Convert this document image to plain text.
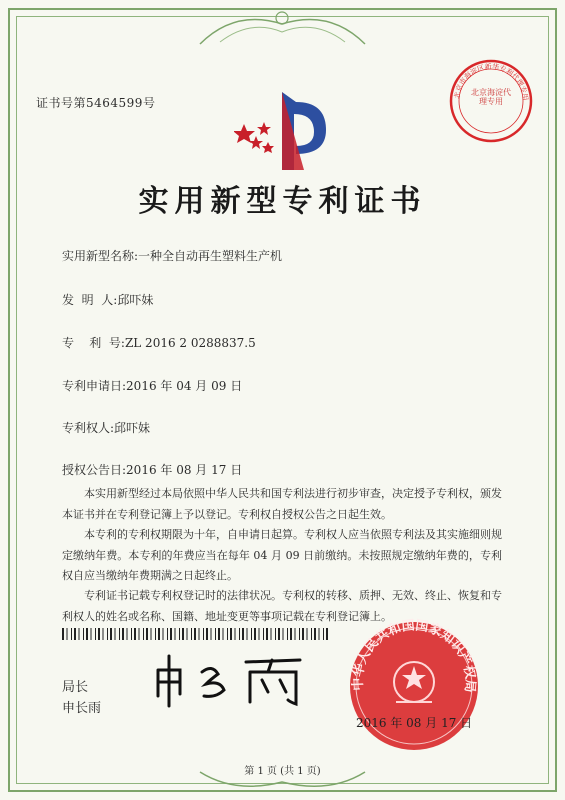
证书号第5464599号
北京市海淀区新华专利代理专用
北京海淀代理专用
实用新型专利证书
实用新型名称:一种全自动再生塑料生产机
发  明  人:邱吓妹
专    利  号:ZL 2016 2 0288837.5
专利申请日:2016 年 04 月 09 日
专利权人:邱吓妹
授权公告日:2016 年 08 月 17 日
本实用新型经过本局依照中华人民共和国专利法进行初步审查，决定授予专利权，颁发本证书并在专利登记簿上予以登记。专利权自授权公告之日起生效。
本专利的专利权期限为十年，自申请日起算。专利权人应当依照专利法及其实施细则规定缴纳年费。本专利的年费应当在每年 04 月 09 日前缴纳。未按照规定缴纳年费的，专利权自应当缴纳年费期满之日起终止。
专利证书记载专利权登记时的法律状况。专利权的转移、质押、无效、终止、恢复和专利权人的姓名或名称、国籍、地址变更等事项记载在专利登记簿上。
局长
申长雨
中华人民共和国国家知识产权局
2016 年 08 月 17 日
第 1 页 (共 1 页)
